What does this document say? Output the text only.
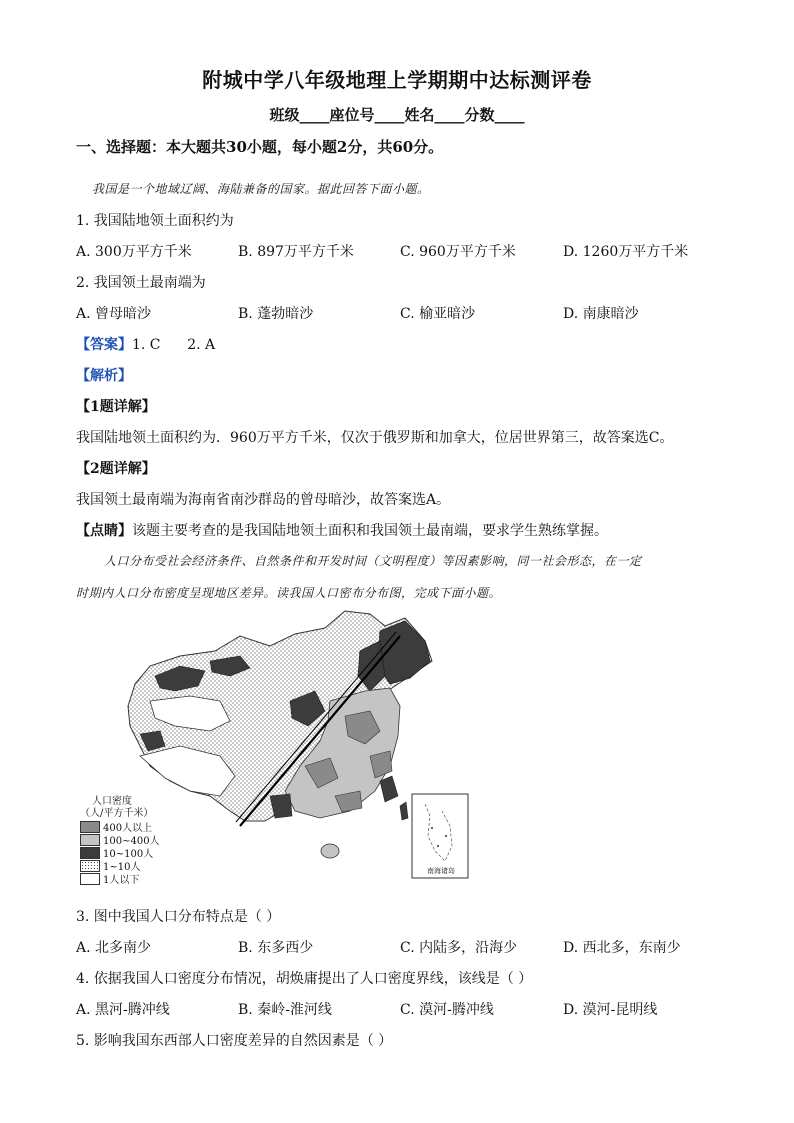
附城中学八年级地理上学期期中达标测评卷
班级____座位号____姓名____分数____
一、选择题：本大题共30小题，每小题2分，共60分。
我国是一个地域辽阔、海陆兼备的国家。据此回答下面小题。
1. 我国陆地领土面积约为
A. 300万平方千米	B. 897万平方千米	C. 960万平方千米	D. 1260万平方千米
2. 我国领土最南端为
A. 曾母暗沙	B. 蓬勃暗沙	C. 榆亚暗沙	D. 南康暗沙
【答案】1. C      2. A
【解析】
【1题详解】
我国陆地领土面积约为．960万平方千米，仅次于俄罗斯和加拿大，位居世界第三，故答案选C。
【2题详解】
我国领土最南端为海南省南沙群岛的曾母暗沙，故答案选A。
【点睛】该题主要考查的是我国陆地领土面积和我国领土最南端，要求学生熟练掌握。
人口分布受社会经济条件、自然条件和开发时间（文明程度）等因素影响，同一社会形态，在一定
时期内人口分布密度呈现地区差异。读我国人口密布分布图，完成下面小题。
南海诸岛
人口密度
（人/平方千米）
400人以上
100~400人
10~100人
1~10人
1人以下
3. 图中我国人口分布特点是（ ）
A. 北多南少	B. 东多西少	C. 内陆多，沿海少	D. 西北多，东南少
4. 依据我国人口密度分布情况，胡焕庸提出了人口密度界线，该线是（ ）
A. 黑河-腾冲线	B. 秦岭-淮河线	C. 漠河-腾冲线	D. 漠河-昆明线
5. 影响我国东西部人口密度差异的自然因素是（ ）
